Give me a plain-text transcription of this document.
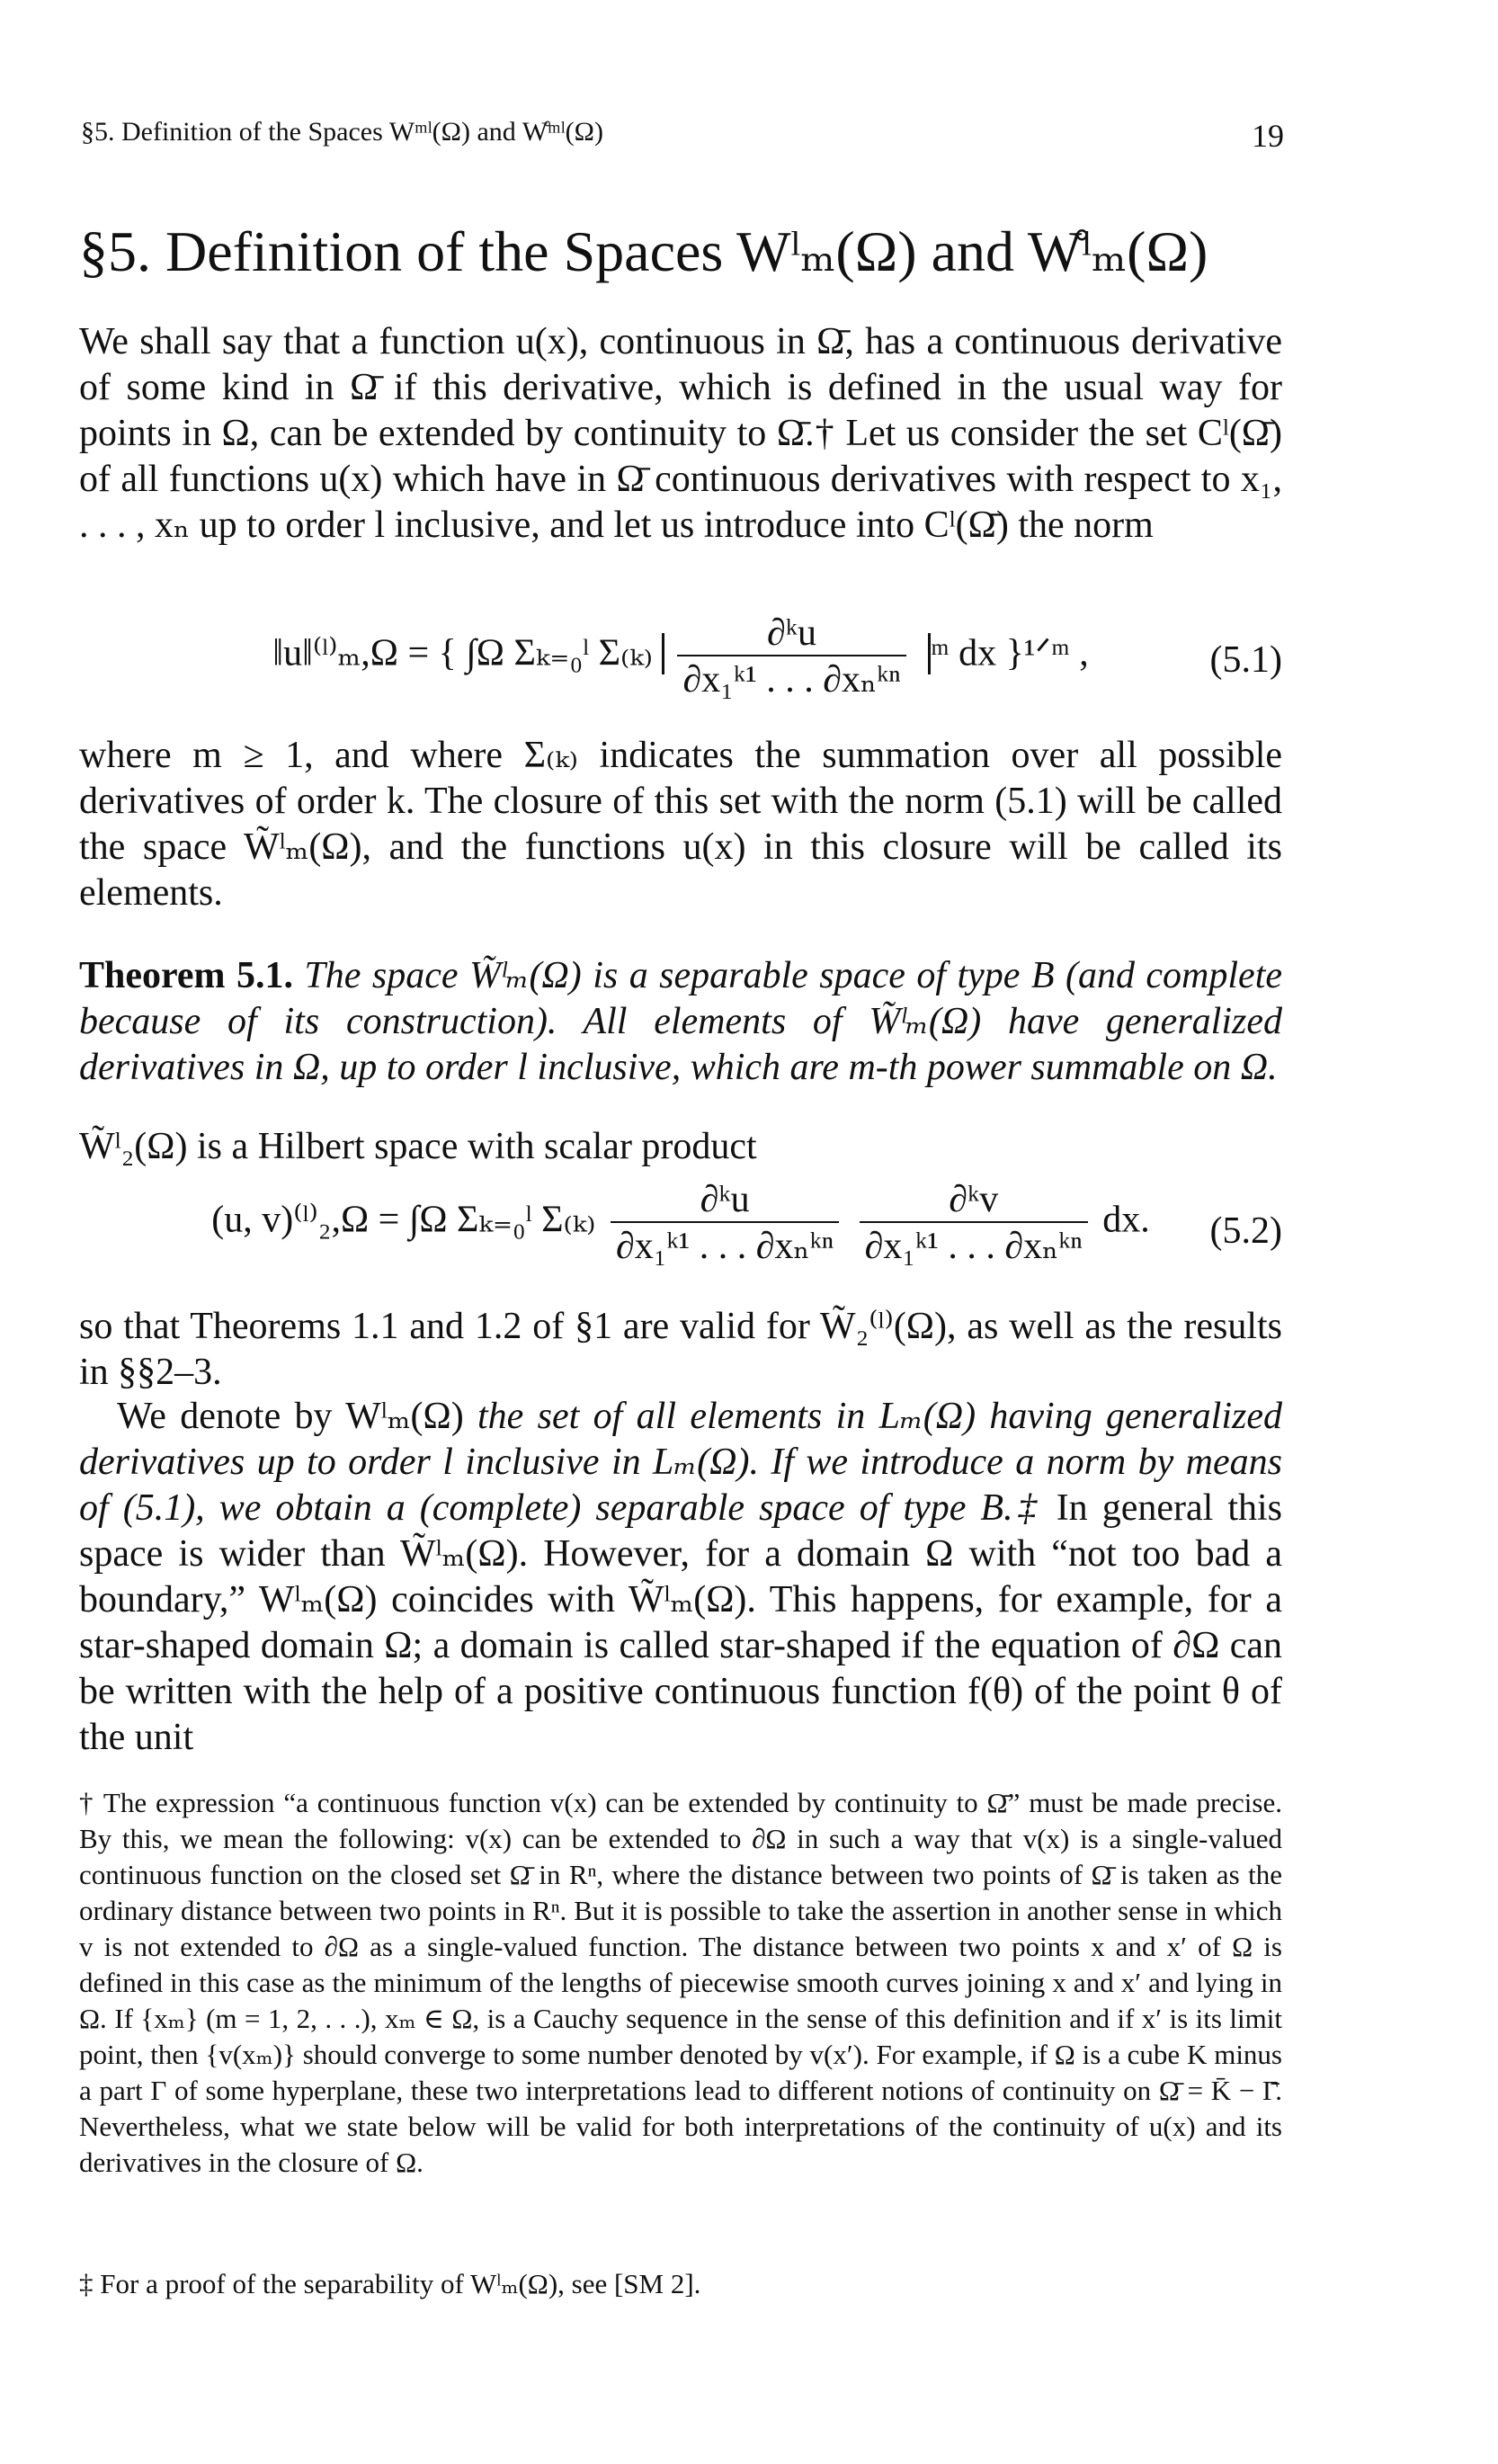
§5. Definition of the Spaces Wᵐˡ(Ω) and W̊ᵐˡ(Ω)	19
§5. Definition of the Spaces Wˡₘ(Ω) and W̊ˡₘ(Ω)
We shall say that a function u(x), continuous in Ω̄, has a continuous derivative of some kind in Ω̄ if this derivative, which is defined in the usual way for points in Ω, can be extended by continuity to Ω̄.† Let us consider the set Cˡ(Ω̄) of all functions u(x) which have in Ω̄ continuous derivatives with respect to x₁, . . . , xₙ up to order l inclusive, and let us introduce into Cˡ(Ω̄) the norm
‖u‖⁽ˡ⁾ₘ,Ω = { ∫Ω Σₖ₌₀ˡ $\Sigma_{(k)} \frac{\text{∂ᵏu}}{\text{∂x₁ᵏ¹ . . . ∂xₙᵏⁿ}}$ ᵐ dx }¹ᐟᵐ ,	(5.1)
where m ≥ 1, and where Σ₍ₖ₎ indicates the summation over all possible derivatives of order k. The closure of this set with the norm (5.1) will be called the space W̃ˡₘ(Ω), and the functions u(x) in this closure will be called its elements.
Theorem 5.1. The space W̃ˡₘ(Ω) is a separable space of type B (and complete because of its construction). All elements of W̃ˡₘ(Ω) have generalized derivatives in Ω, up to order l inclusive, which are m-th power summable on Ω.
W̃ˡ₂(Ω) is a Hilbert space with scalar product
(u, v)⁽ˡ⁾₂,Ω = ∫Ω Σₖ₌₀ˡ $\Sigma_{(k)} \frac{\text{∂ᵏu}}{\text{∂x₁ᵏ¹ . . . ∂xₙᵏⁿ}}$
$\frac{\text{∂ᵏv}}{\text{∂x₁ᵏ¹ . . . ∂xₙᵏⁿ}}$ dx.	(5.2)
so that Theorems 1.1 and 1.2 of §1 are valid for W̃₂⁽ˡ⁾(Ω), as well as the results in §§2–3.
We denote by Wˡₘ(Ω) the set of all elements in Lₘ(Ω) having generalized derivatives up to order l inclusive in Lₘ(Ω). If we introduce a norm by means of (5.1), we obtain a (complete) separable space of type B.‡ In general this space is wider than W̃ˡₘ(Ω). However, for a domain Ω with “not too bad a boundary,” Wˡₘ(Ω) coincides with W̃ˡₘ(Ω). This happens, for example, for a star-shaped domain Ω; a domain is called star-shaped if the equation of ∂Ω can be written with the help of a positive continuous function f(θ) of the point θ of the unit
† The expression “a continuous function v(x) can be extended by continuity to Ω̄” must be made precise. By this, we mean the following: v(x) can be extended to ∂Ω in such a way that v(x) is a single-valued continuous function on the closed set Ω̄ in Rⁿ, where the distance between two points of Ω̄ is taken as the ordinary distance between two points in Rⁿ. But it is possible to take the assertion in another sense in which v is not extended to ∂Ω as a single-valued function. The distance between two points x and x′ of Ω is defined in this case as the minimum of the lengths of piecewise smooth curves joining x and x′ and lying in Ω. If {xₘ} (m = 1, 2, . . .), xₘ ∈ Ω, is a Cauchy sequence in the sense of this definition and if x′ is its limit point, then {v(xₘ)} should converge to some number denoted by v(x′). For example, if Ω is a cube K minus a part Γ of some hyperplane, these two interpretations lead to different notions of continuity on Ω̄ = K̄ − Γ̄. Nevertheless, what we state below will be valid for both interpretations of the continuity of u(x) and its derivatives in the closure of Ω.
‡ For a proof of the separability of Wˡₘ(Ω), see [SM 2].
